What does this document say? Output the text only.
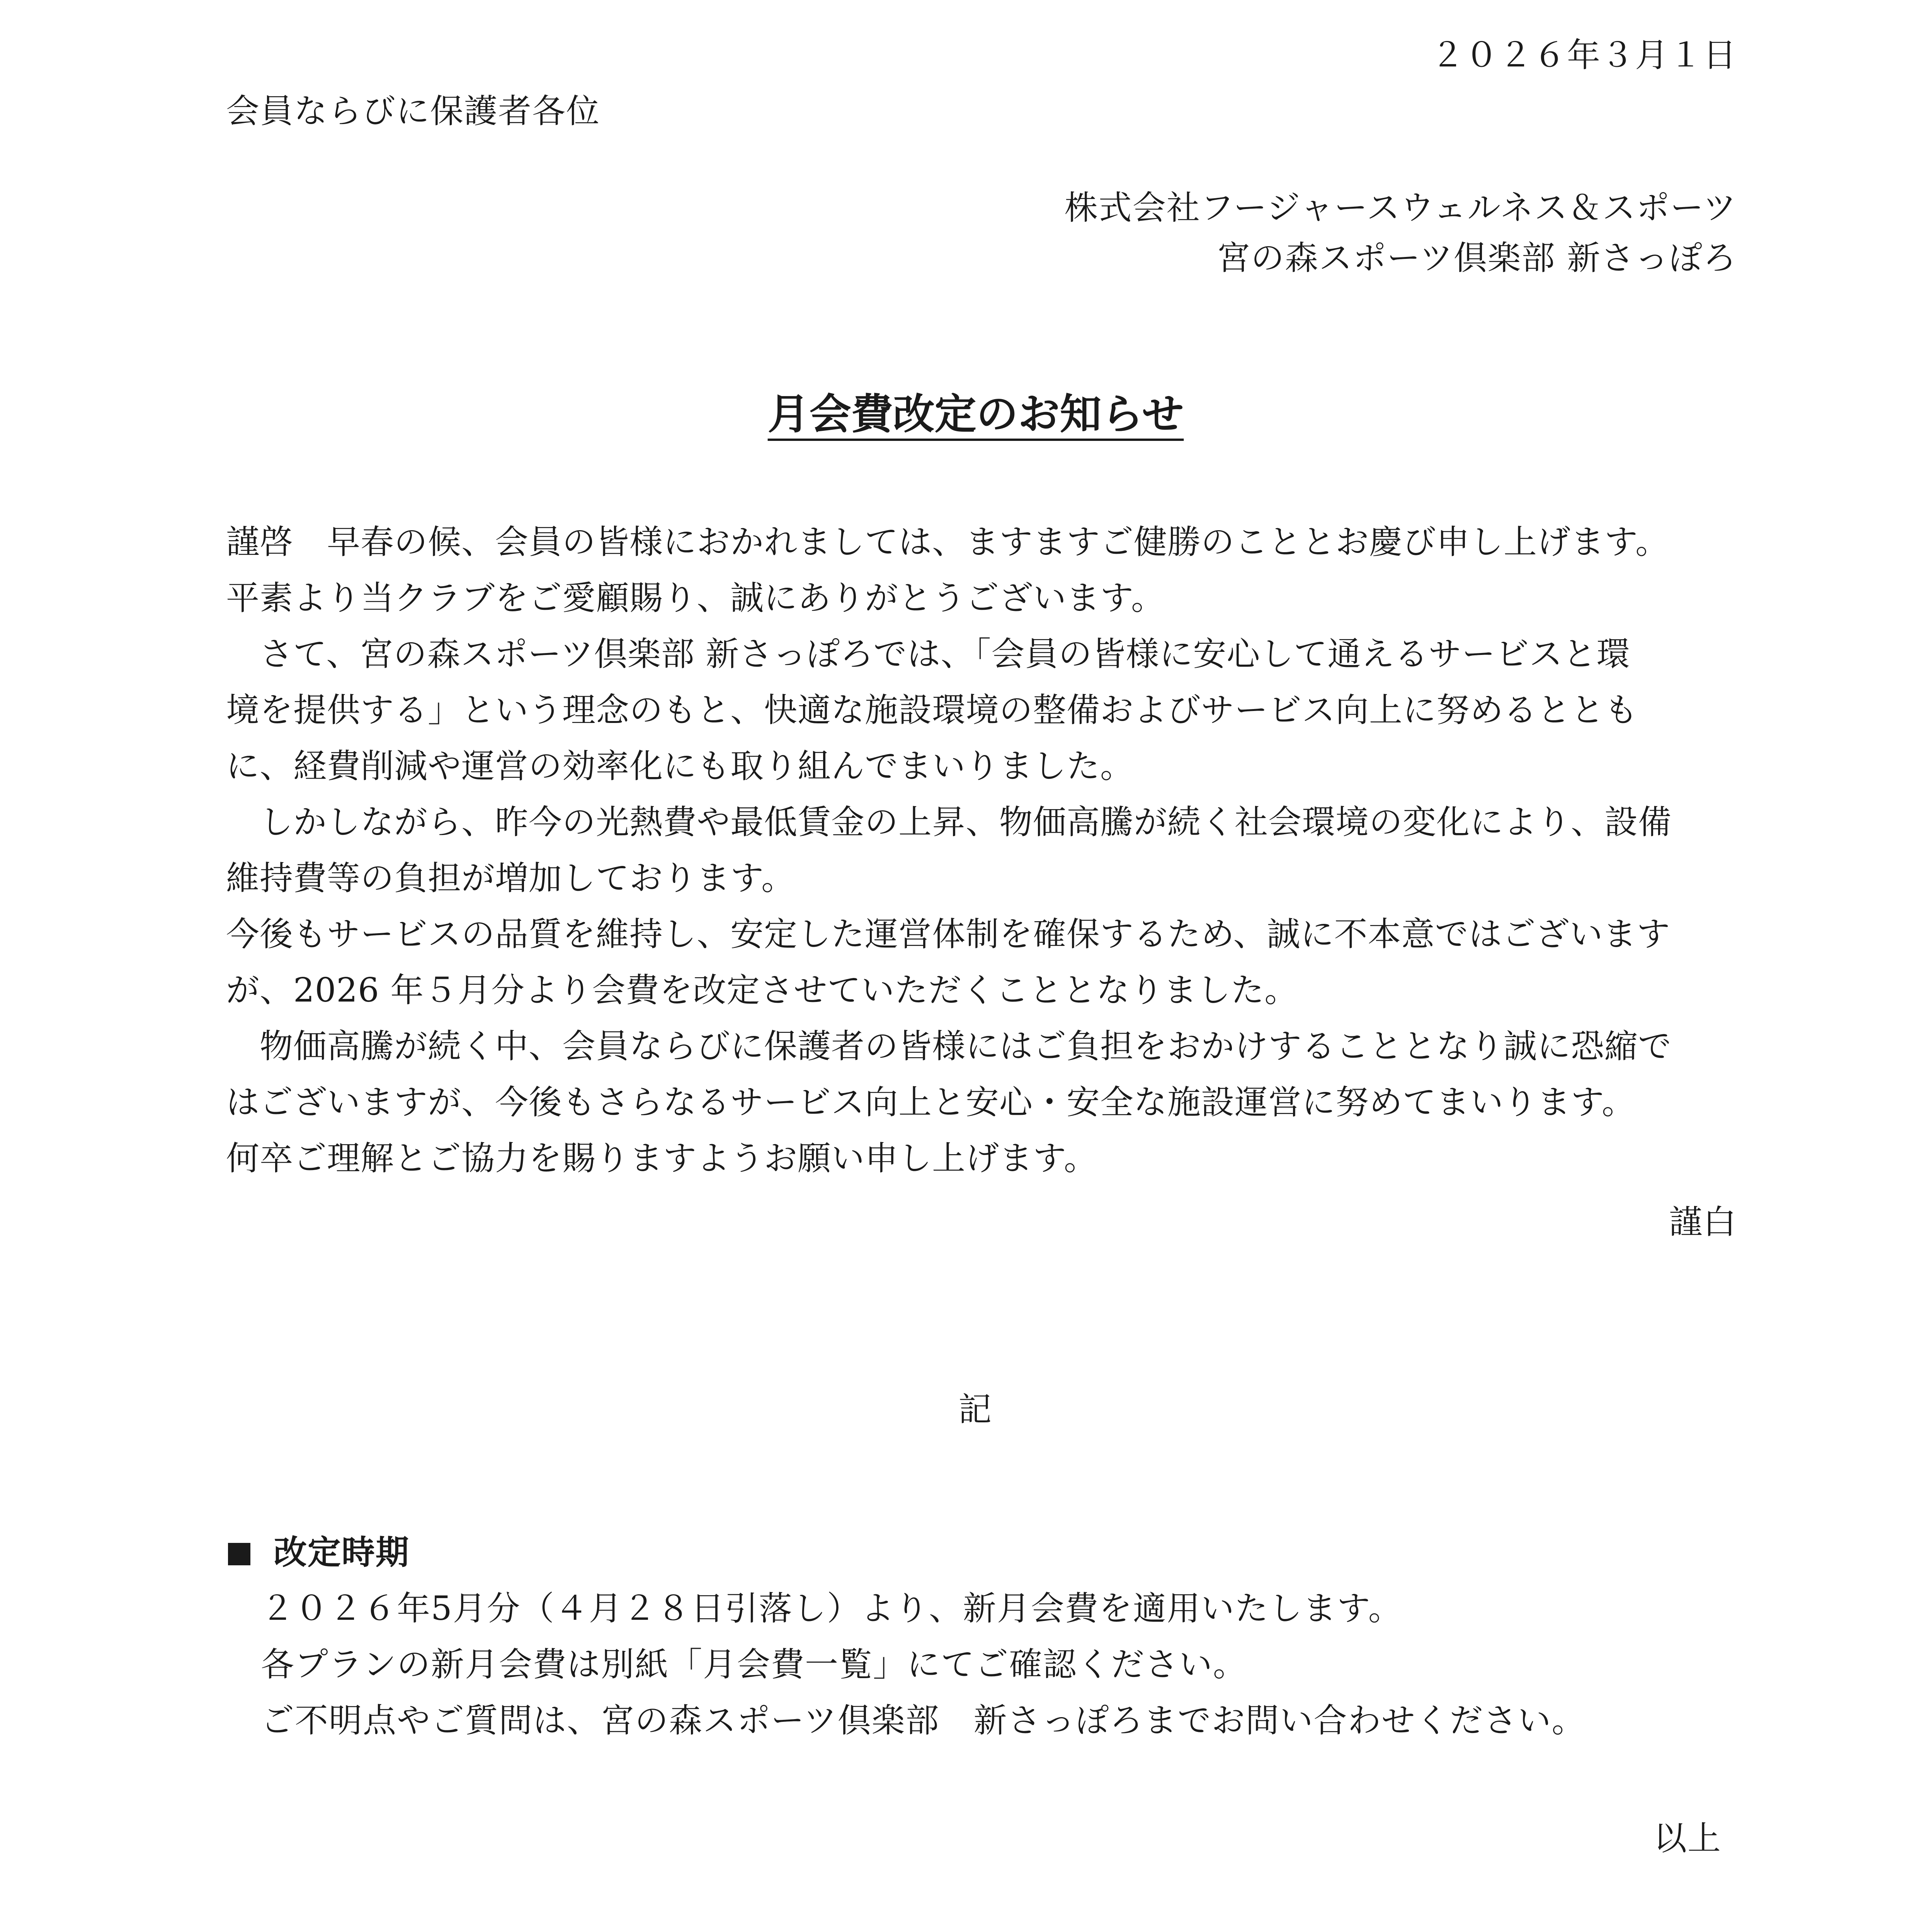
２０２６年３月１日
会員ならびに保護者各位
株式会社フージャースウェルネス＆スポーツ
宮の森スポーツ倶楽部 新さっぽろ
月会費改定のお知らせ
謹啓　早春の候、会員の皆様におかれましては、ますますご健勝のこととお慶び申し上げます。
平素より当クラブをご愛顧賜り、誠にありがとうございます。
　さて、宮の森スポーツ倶楽部 新さっぽろでは、「会員の皆様に安心して通えるサービスと環
境を提供する」という理念のもと、快適な施設環境の整備およびサービス向上に努めるととも
に、経費削減や運営の効率化にも取り組んでまいりました。
　しかしながら、昨今の光熱費や最低賃金の上昇、物価高騰が続く社会環境の変化により、設備
維持費等の負担が増加しております。
今後もサービスの品質を維持し、安定した運営体制を確保するため、誠に不本意ではございます
が、2026 年５月分より会費を改定させていただくこととなりました。
　物価高騰が続く中、会員ならびに保護者の皆様にはご負担をおかけすることとなり誠に恐縮で
はございますが、今後もさらなるサービス向上と安心・安全な施設運営に努めてまいります。
何卒ご理解とご協力を賜りますようお願い申し上げます。
謹白
記
改定時期
２０２６年5月分（４月２８日引落し）より、新月会費を適用いたします。
各プランの新月会費は別紙「月会費一覧」にてご確認ください。
ご不明点やご質問は、宮の森スポーツ倶楽部　新さっぽろまでお問い合わせください。
以上
